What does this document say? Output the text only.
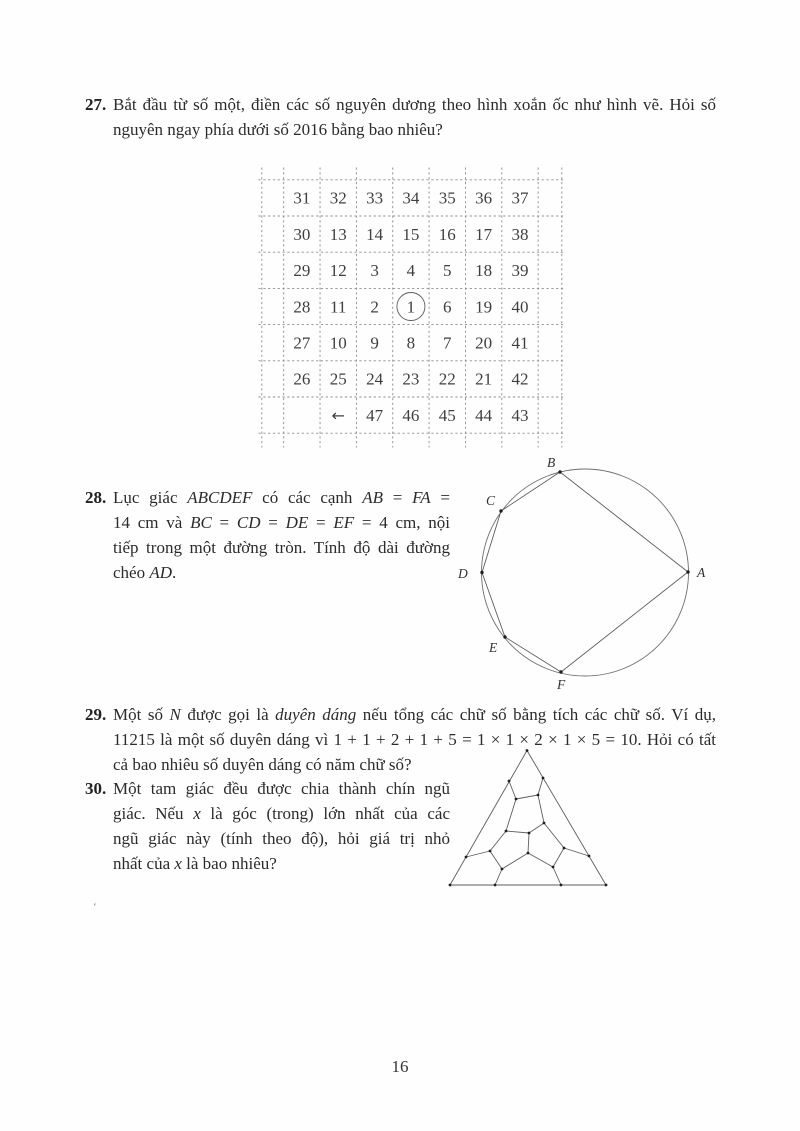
27. Bắt đầu từ số một, điền các số nguyên dương theo hình xoắn ốc như hình vẽ. Hỏi số
nguyên ngay phía dưới số 2016 bằng bao nhiêu?
28. Lục giác ABCDEF có các cạnh AB = FA =
14 cm và BC = CD = DE = EF = 4 cm, nội
tiếp trong một đường tròn. Tính độ dài đường
chéo AD.
29. Một số N được gọi là duyên dáng nếu tổng các chữ số bằng tích các chữ số. Ví dụ,
11215 là một số duyên dáng vì 1 + 1 + 2 + 1 + 5 = 1 × 1 × 2 × 1 × 5 = 10. Hỏi có tất
cả bao nhiêu số duyên dáng có năm chữ số?
30. Một tam giác đều được chia thành chín ngũ
giác. Nếu x là góc (trong) lớn nhất của các
ngũ giác này (tính theo độ), hỏi giá trị nhỏ
nhất của x là bao nhiêu?
31 32 33 34 35 36 37
30 13 14 15 16 17 38
29 12 3 4 5 18 39
28 11 2 1 6 19 40
27 10 9 8 7 20 41
26 25 24 23 22 21 42
← 47 46 45 44 43
A
B
C
D
E
F
‘
16
